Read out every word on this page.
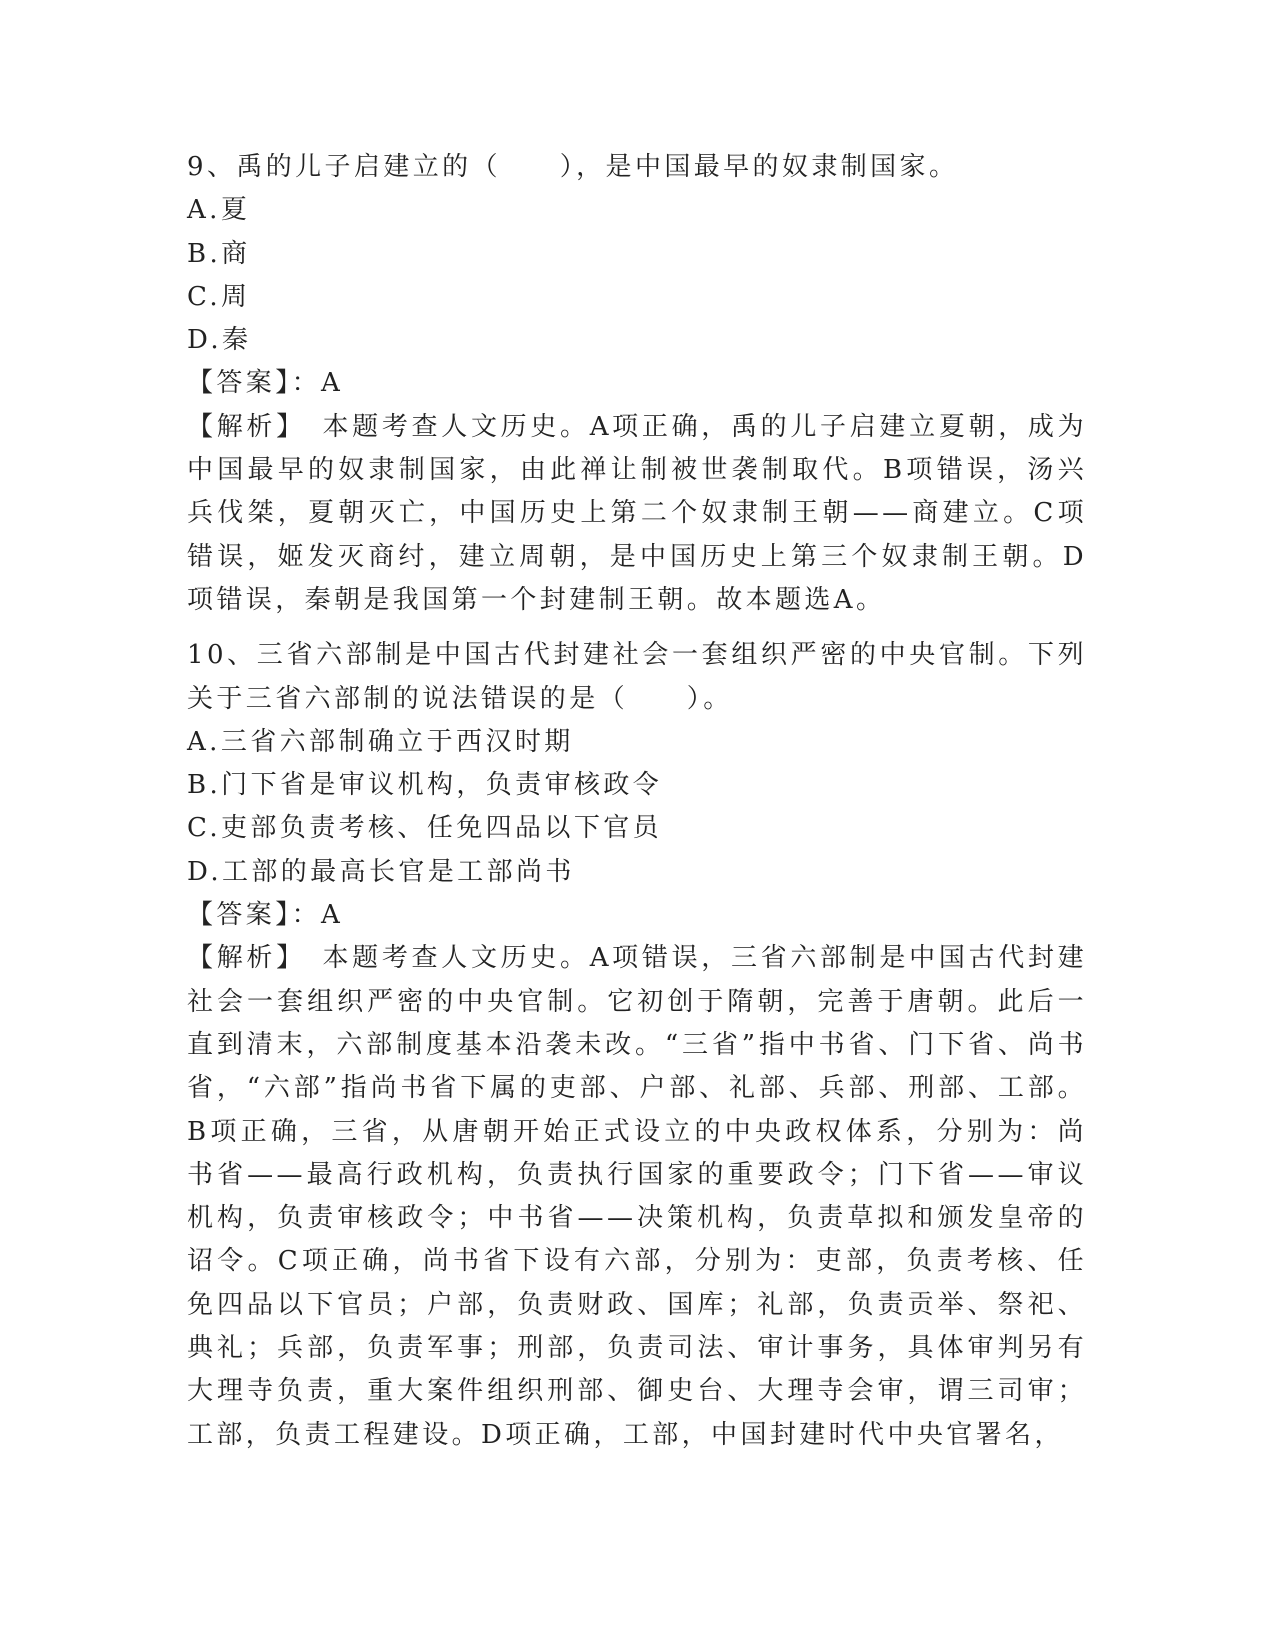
9、禹的儿子启建立的（　　），是中国最早的奴隶制国家。

A.夏
B.商
C.周
D.秦
【答案】：A

【解析】　本题考查人文历史。A项正确，禹的儿子启建立夏朝，成为中国最早的奴隶制国家，由此禅让制被世袭制取代。B项错误，汤兴兵伐桀，夏朝灭亡，中国历史上第二个奴隶制王朝——商建立。C项错误，姬发灭商纣，建立周朝，是中国历史上第三个奴隶制王朝。D项错误，秦朝是我国第一个封建制王朝。故本题选A。

10、三省六部制是中国古代封建社会一套组织严密的中央官制。下列关于三省六部制的说法错误的是（　　）。

A.三省六部制确立于西汉时期
B.门下省是审议机构，负责审核政令
C.吏部负责考核、任免四品以下官员
D.工部的最高长官是工部尚书
【答案】：A

【解析】　本题考查人文历史。A项错误，三省六部制是中国古代封建社会一套组织严密的中央官制。它初创于隋朝，完善于唐朝。此后一直到清末，六部制度基本沿袭未改。“三省”指中书省、门下省、尚书省，“六部”指尚书省下属的吏部、户部、礼部、兵部、刑部、工部。B项正确，三省，从唐朝开始正式设立的中央政权体系，分别为：尚书省——最高行政机构，负责执行国家的重要政令；门下省——审议机构，负责审核政令；中书省——决策机构，负责草拟和颁发皇帝的诏令。C项正确，尚书省下设有六部，分别为：吏部，负责考核、任免四品以下官员；户部，负责财政、国库；礼部，负责贡举、祭祀、典礼；兵部，负责军事；刑部，负责司法、审计事务，具体审判另有大理寺负责，重大案件组织刑部、御史台、大理寺会审，谓三司审；工部，负责工程建设。D项正确，工部，中国封建时代中央官署名，
